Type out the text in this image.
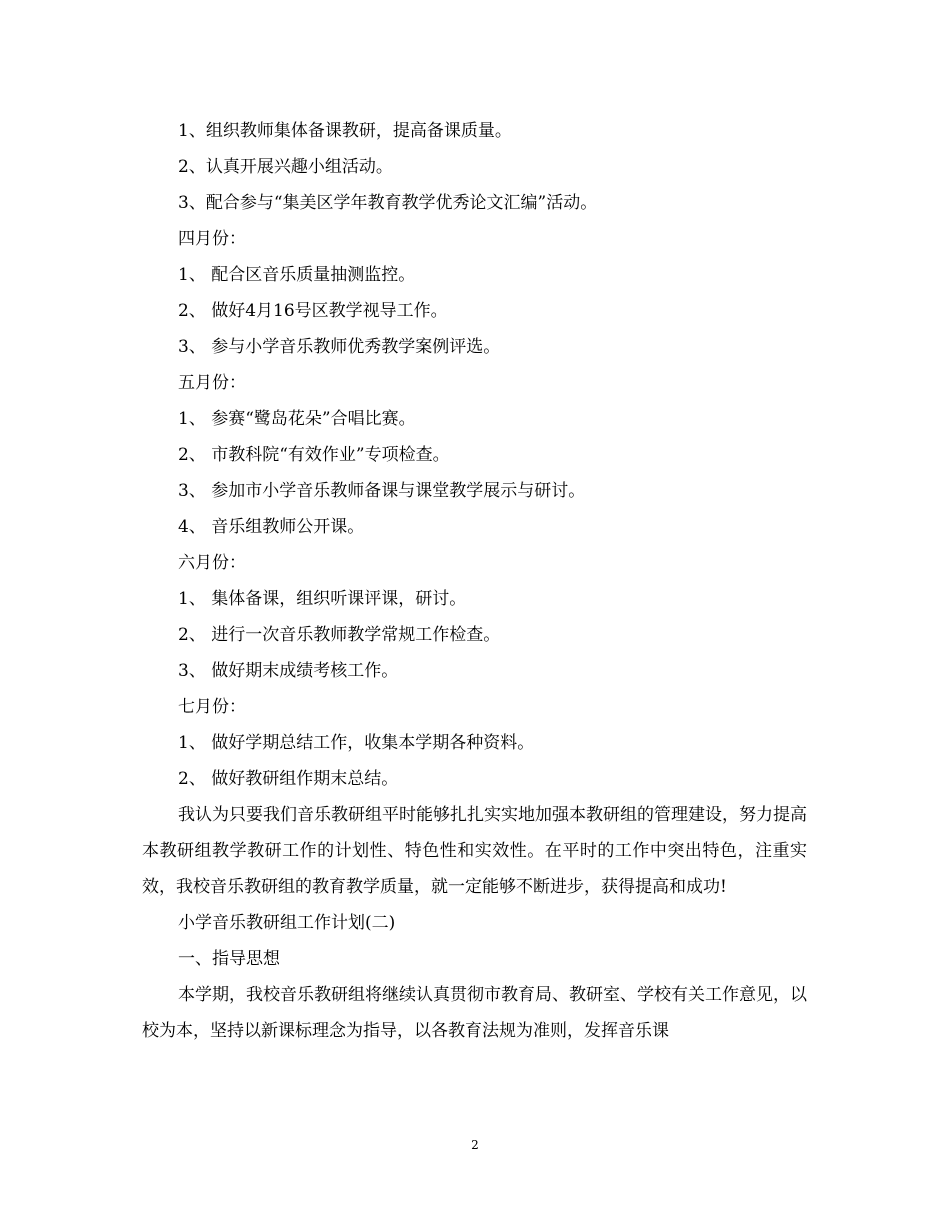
1、组织教师集体备课教研，提高备课质量。
2、认真开展兴趣小组活动。
3、配合参与“集美区学年教育教学优秀论文汇编”活动。
四月份：
1、 配合区音乐质量抽测监控。
2、 做好4月16号区教学视导工作。
3、 参与小学音乐教师优秀教学案例评选。
五月份：
1、 参赛“鹭岛花朵”合唱比赛。
2、 市教科院“有效作业”专项检查。
3、 参加市小学音乐教师备课与课堂教学展示与研讨。
4、 音乐组教师公开课。
六月份：
1、 集体备课，组织听课评课，研讨。
2、 进行一次音乐教师教学常规工作检查。
3、 做好期末成绩考核工作。
七月份：
1、 做好学期总结工作，收集本学期各种资料。
2、 做好教研组作期末总结。
我认为只要我们音乐教研组平时能够扎扎实实地加强本教研组的管理建设，努力提高本教研组教学教研工作的计划性、特色性和实效性。在平时的工作中突出特色，注重实效，我校音乐教研组的教育教学质量，就一定能够不断进步，获得提高和成功!
小学音乐教研组工作计划(二)
一、指导思想
本学期，我校音乐教研组将继续认真贯彻市教育局、教研室、学校有关工作意见，以校为本，坚持以新课标理念为指导，以各教育法规为准则，发挥音乐课
2
